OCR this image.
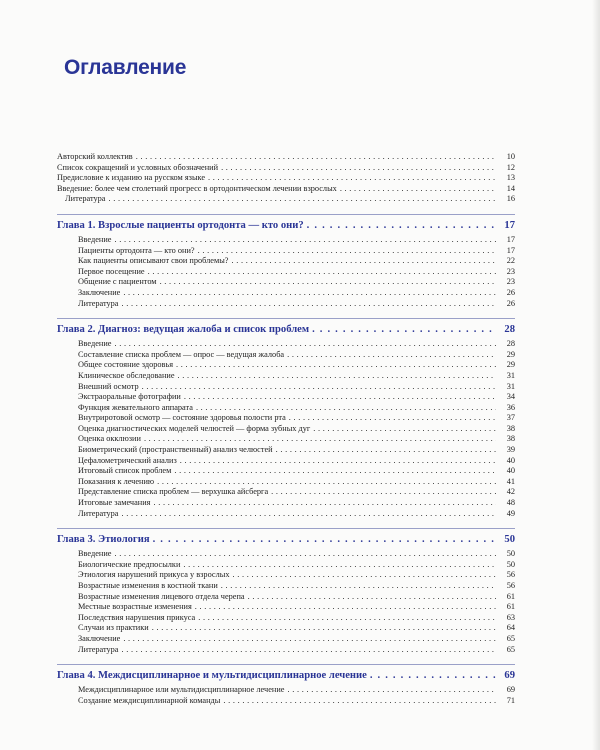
Оглавление
Авторский коллектив . . .	10
Список сокращений и условных обозначений . . .	12
Предисловие к изданию на русском языке . . .	13
Введение: более чем столетний прогресс в ортодонтическом лечении взрослых . . .	14
Литература . . .	16
Глава 1. Взрослые пациенты ортодонта — кто они? . . .	17
Введение . . .	17
Пациенты ортодонта — кто они? . . .	17
Как пациенты описывают свои проблемы? . . .	22
Первое посещение . . .	23
Общение с пациентом . . .	23
Заключение . . .	26
Литература . . .	26
Глава 2. Диагноз: ведущая жалоба и список проблем . . .	28
Введение . . .	28
Составление списка проблем — опрос — ведущая жалоба . . .	29
Общее состояние здоровья . . .	29
Клиническое обследование . . .	31
Внешний осмотр . . .	31
Экстраоральные фотографии . . .	34
Функция жевательного аппарата . . .	36
Внутриротовой осмотр — состояние здоровья полости рта . . .	37
Оценка диагностических моделей челюстей — форма зубных дуг . . .	38
Оценка окклюзии . . .	38
Биометрический (пространственный) анализ челюстей . . .	39
Цефалометрический анализ . . .	40
Итоговый список проблем . . .	40
Показания к лечению . . .	41
Представление списка проблем — верхушка айсберга . . .	42
Итоговые замечания . . .	48
Литература . . .	49
Глава 3. Этиология . . .	50
Введение . . .	50
Биологические предпосылки . . .	50
Этиология нарушений прикуса у взрослых . . .	56
Возрастные изменения в костной ткани . . .	56
Возрастные изменения лицевого отдела черепа . . .	61
Местные возрастные изменения . . .	61
Последствия нарушения прикуса . . .	63
Случаи из практики . . .	64
Заключение . . .	65
Литература . . .	65
Глава 4. Междисциплинарное и мультидисциплинарное лечение . . .	69
Междисциплинарное или мультидисциплинарное лечение . . .	69
Создание междисциплинарной команды . . .	71
